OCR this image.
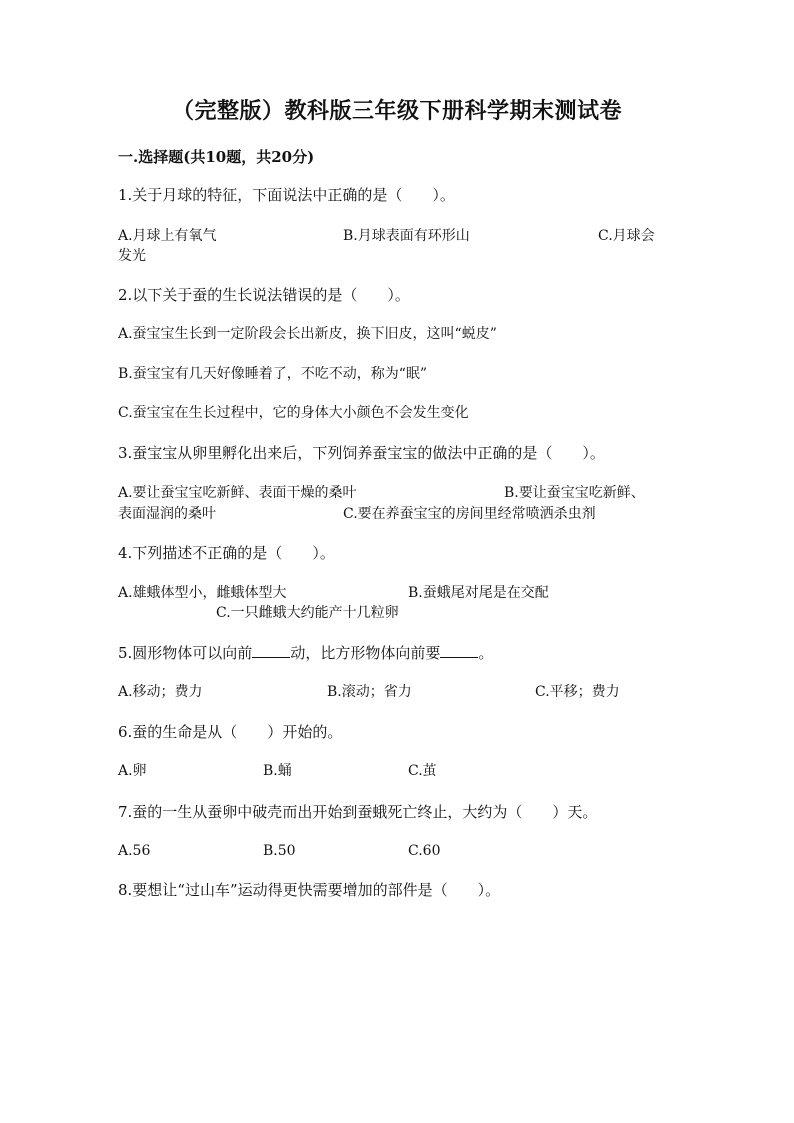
（完整版）教科版三年级下册科学期末测试卷
一.选择题(共10题，共20分)
1.关于月球的特征，下面说法中正确的是（　　）。
A.月球上有氧气	B.月球表面有环形山	C.月球会
发光
2.以下关于蚕的生长说法错误的是（　　）。
A.蚕宝宝生长到一定阶段会长出新皮，换下旧皮，这叫“蜕皮”
B.蚕宝宝有几天好像睡着了，不吃不动，称为“眠”
C.蚕宝宝在生长过程中，它的身体大小颜色不会发生变化
3.蚕宝宝从卵里孵化出来后，下列饲养蚕宝宝的做法中正确的是（　　）。
A.要让蚕宝宝吃新鲜、表面干燥的桑叶	B.要让蚕宝宝吃新鲜、
表面湿润的桑叶	C.要在养蚕宝宝的房间里经常喷洒杀虫剂
4.下列描述不正确的是（　　）。
A.雄蛾体型小，雌蛾体型大	B.蚕蛾尾对尾是在交配
C.一只雌蛾大约能产十几粒卵
5.圆形物体可以向前	动，比方形物体向前要	。
A.移动；费力	B.滚动；省力	C.平移；费力
6.蚕的生命是从（　　）开始的。
A.卵	B.蛹	C.茧
7.蚕的一生从蚕卵中破壳而出开始到蚕蛾死亡终止，大约为（　　）天。
A.56	B.50	C.60
8.要想让“过山车”运动得更快需要增加的部件是（　　）。
